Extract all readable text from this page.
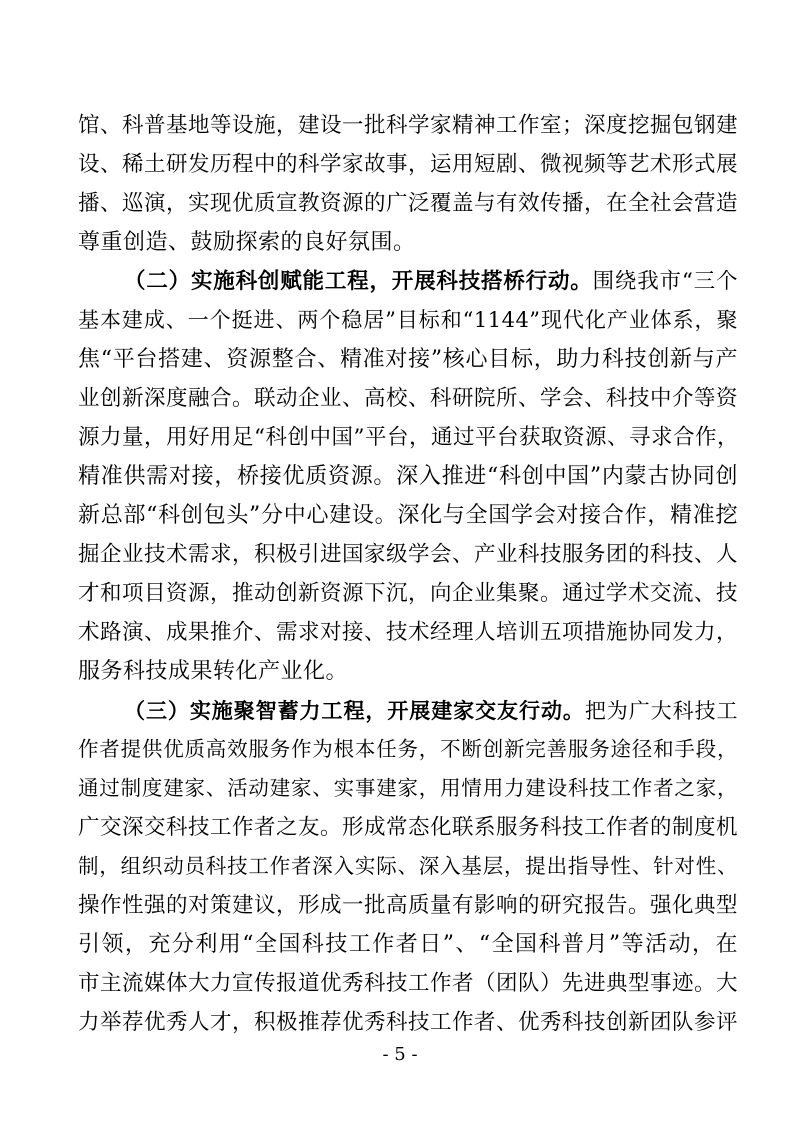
馆、科普基地等设施，建设一批科学家精神工作室；深度挖掘包钢建
设、稀土研发历程中的科学家故事，运用短剧、微视频等艺术形式展
播、巡演，实现优质宣教资源的广泛覆盖与有效传播，在全社会营造
尊重创造、鼓励探索的良好氛围。
（二）实施科创赋能工程，开展科技搭桥行动。围绕我市“三个
基本建成、一个挺进、两个稳居”目标和“1144”现代化产业体系，聚
焦“平台搭建、资源整合、精准对接”核心目标，助力科技创新与产
业创新深度融合。联动企业、高校、科研院所、学会、科技中介等资
源力量，用好用足“科创中国”平台，通过平台获取资源、寻求合作，
精准供需对接，桥接优质资源。深入推进“科创中国”内蒙古协同创
新总部“科创包头”分中心建设。深化与全国学会对接合作，精准挖
掘企业技术需求，积极引进国家级学会、产业科技服务团的科技、人
才和项目资源，推动创新资源下沉，向企业集聚。通过学术交流、技
术路演、成果推介、需求对接、技术经理人培训五项措施协同发力，
服务科技成果转化产业化。
（三）实施聚智蓄力工程，开展建家交友行动。把为广大科技工
作者提供优质高效服务作为根本任务，不断创新完善服务途径和手段，
通过制度建家、活动建家、实事建家，用情用力建设科技工作者之家，
广交深交科技工作者之友。形成常态化联系服务科技工作者的制度机
制，组织动员科技工作者深入实际、深入基层，提出指导性、针对性、
操作性强的对策建议，形成一批高质量有影响的研究报告。强化典型
引领，充分利用“全国科技工作者日”、“全国科普月”等活动，在
市主流媒体大力宣传报道优秀科技工作者（团队）先进典型事迹。大
力举荐优秀人才，积极推荐优秀科技工作者、优秀科技创新团队参评
- 5 -
